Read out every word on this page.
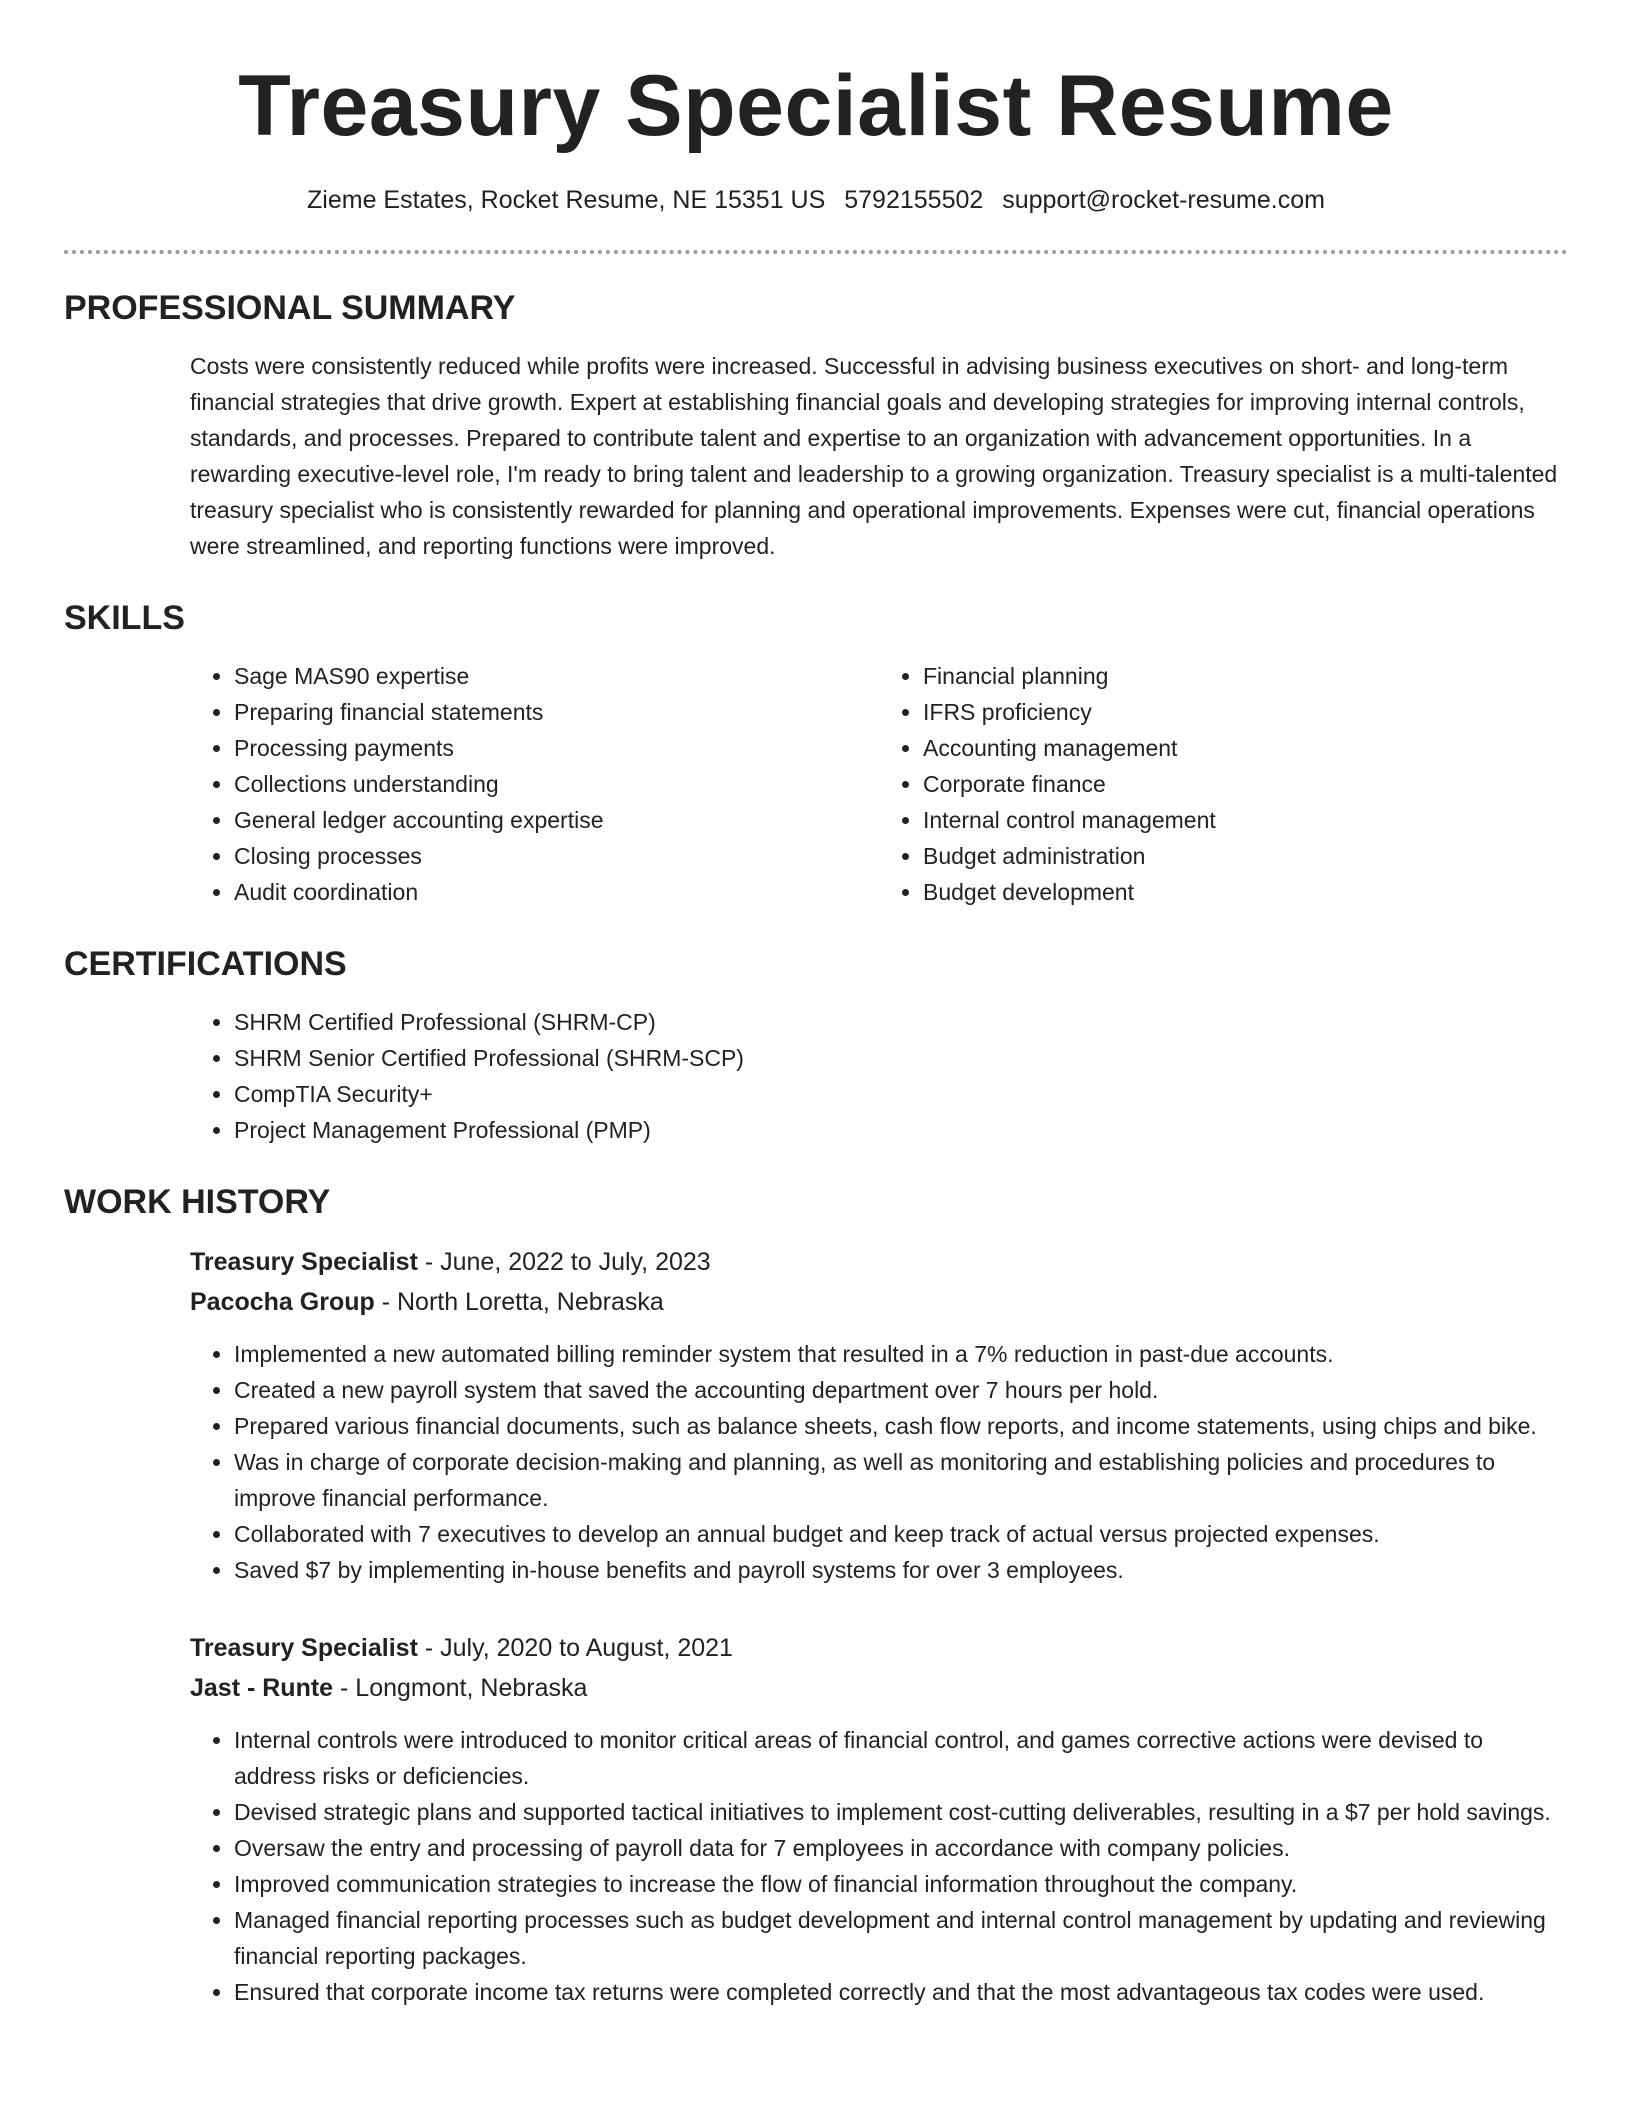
Treasury Specialist Resume
Zieme Estates, Rocket Resume, NE 15351 US 5792155502 support@rocket-resume.com
PROFESSIONAL SUMMARY

Costs were consistently reduced while profits were increased. Successful in advising business executives on short- and long-term financial strategies that drive growth. Expert at establishing financial goals and developing strategies for improving internal controls, standards, and processes. Prepared to contribute talent and expertise to an organization with advancement opportunities. In a rewarding executive-level role, I'm ready to bring talent and leadership to a growing organization. Treasury specialist is a multi-talented treasury specialist who is consistently rewarded for planning and operational improvements. Expenses were cut, financial operations were streamlined, and reporting functions were improved.

SKILLS
• Sage MAS90 expertise
• Preparing financial statements
• Processing payments
• Collections understanding
• General ledger accounting expertise
• Closing processes
• Audit coordination
• Financial planning
• IFRS proficiency
• Accounting management
• Corporate finance
• Internal control management
• Budget administration
• Budget development
CERTIFICATIONS
• SHRM Certified Professional (SHRM-CP)
• SHRM Senior Certified Professional (SHRM-SCP)
• CompTIA Security+
• Project Management Professional (PMP)
WORK HISTORY
Treasury Specialist - June, 2022 to July, 2023
Pacocha Group - North Loretta, Nebraska
• Implemented a new automated billing reminder system that resulted in a 7% reduction in past-due accounts.
• Created a new payroll system that saved the accounting department over 7 hours per hold.
• Prepared various financial documents, such as balance sheets, cash flow reports, and income statements, using chips and bike.
• Was in charge of corporate decision-making and planning, as well as monitoring and establishing policies and procedures to improve financial performance.
• Collaborated with 7 executives to develop an annual budget and keep track of actual versus projected expenses.
• Saved $7 by implementing in-house benefits and payroll systems for over 3 employees.
Treasury Specialist - July, 2020 to August, 2021
Jast - Runte - Longmont, Nebraska
• Internal controls were introduced to monitor critical areas of financial control, and games corrective actions were devised to address risks or deficiencies.
• Devised strategic plans and supported tactical initiatives to implement cost-cutting deliverables, resulting in a $7 per hold savings.
• Oversaw the entry and processing of payroll data for 7 employees in accordance with company policies.
• Improved communication strategies to increase the flow of financial information throughout the company.
• Managed financial reporting processes such as budget development and internal control management by updating and reviewing financial reporting packages.
• Ensured that corporate income tax returns were completed correctly and that the most advantageous tax codes were used.
